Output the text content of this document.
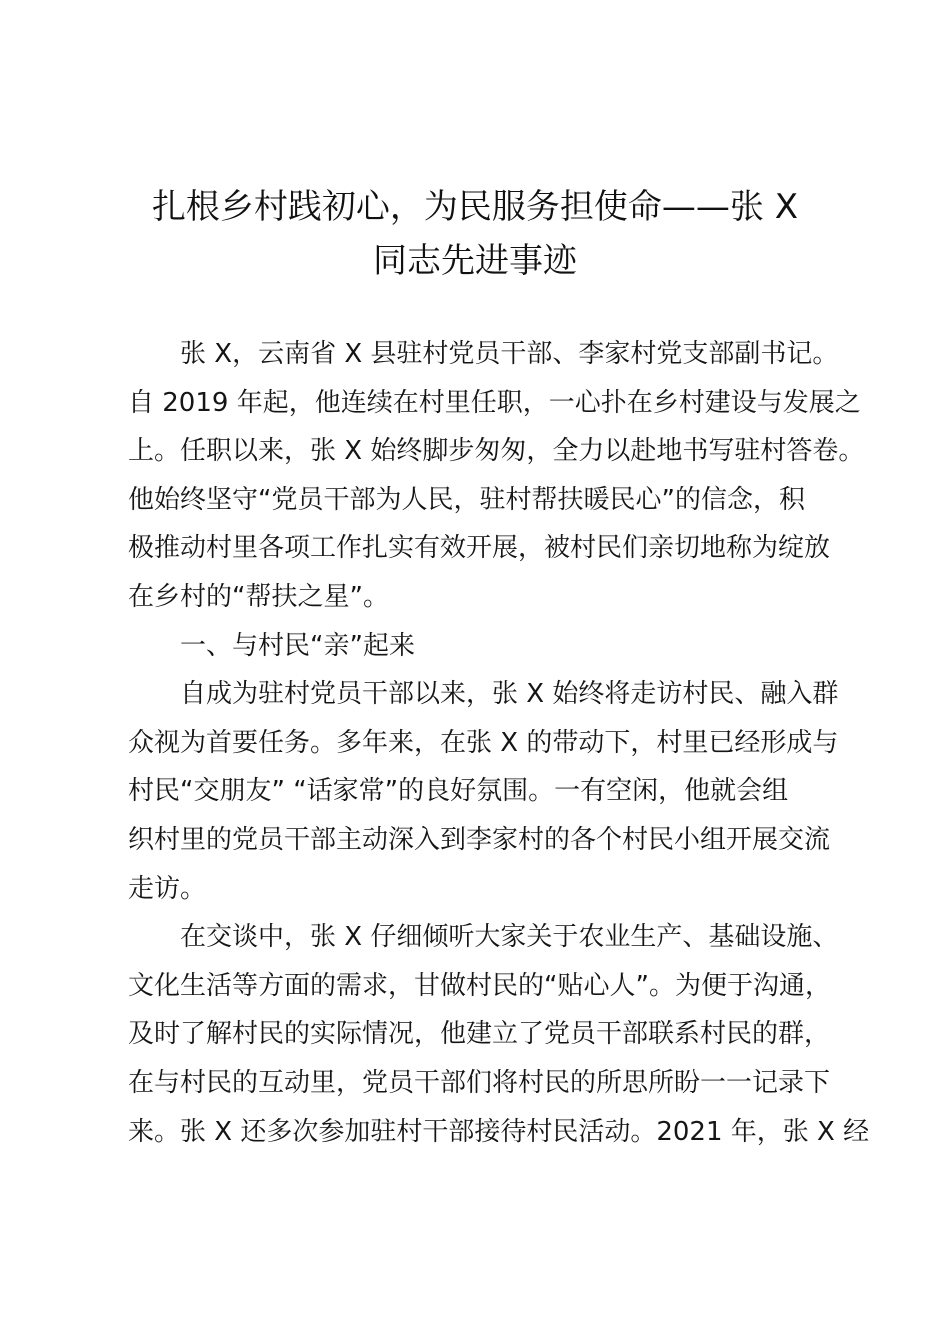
扎根乡村践初心，为民服务担使命——张 X
同志先进事迹
张 X，云南省 X 县驻村党员干部、李家村党支部副书记。
自 2019 年起，他连续在村里任职，一心扑在乡村建设与发展之
上。任职以来，张 X 始终脚步匆匆，全力以赴地书写驻村答卷。
他始终坚守“党员干部为人民，驻村帮扶暖民心”的信念，积
极推动村里各项工作扎实有效开展，被村民们亲切地称为绽放
在乡村的“帮扶之星”。
一、与村民“亲”起来
自成为驻村党员干部以来，张 X 始终将走访村民、融入群
众视为首要任务。多年来，在张 X 的带动下，村里已经形成与
村民“交朋友” “话家常”的良好氛围。一有空闲，他就会组
织村里的党员干部主动深入到李家村的各个村民小组开展交流
走访。
在交谈中，张 X 仔细倾听大家关于农业生产、基础设施、
文化生活等方面的需求，甘做村民的“贴心人”。为便于沟通，
及时了解村民的实际情况，他建立了党员干部联系村民的群，
在与村民的互动里，党员干部们将村民的所思所盼一一记录下
来。张 X 还多次参加驻村干部接待村民活动。2021 年，张 X 经
